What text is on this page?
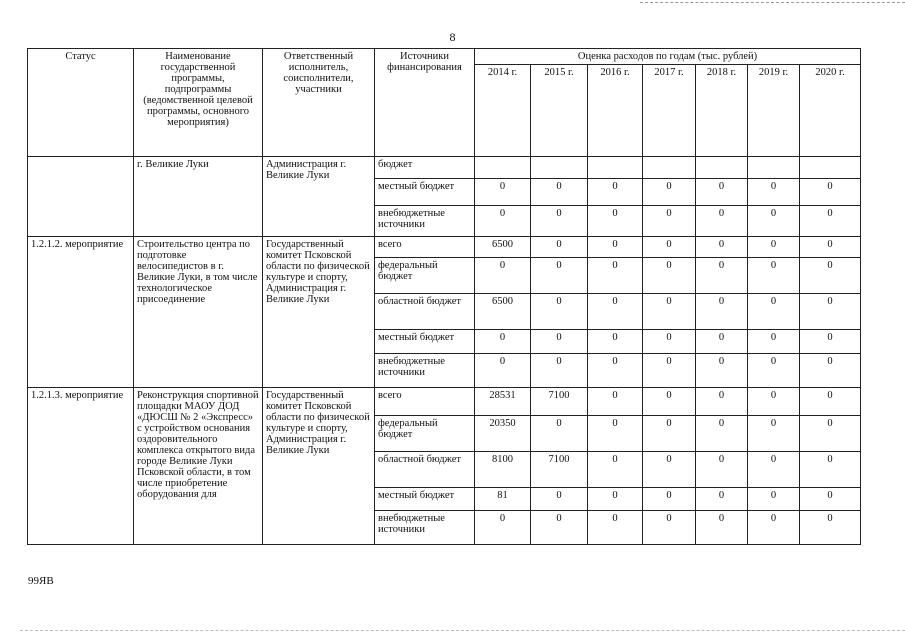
8
Статус	Наименование государственной программы, подпрограммы (ведомственной целевой программы, основного мероприятия)	Ответственный исполнитель, соисполнители, участники	Источники финансирования	Оценка расходов по годам (тыс. рублей)						
				2014 г.	2015 г.	2016 г.	2017 г.	2018 г.	2019 г.	2020 г.
	г. Великие Луки	Администрация г. Великие Луки	бюджет							
			местный бюджет	0	0	0	0	0	0	0
			внебюджетные источники	0	0	0	0	0	0	0
1.2.1.2. мероприятие	Строительство центра по подготовке велосипедистов в г. Великие Луки, в том числе технологическое присоединение	Государственный комитет Псковской области по физической культуре и спорту, Администрация г. Великие Луки	всего	6500	0	0	0	0	0	0
			федеральный бюджет	0	0	0	0	0	0	0
			областной бюджет	6500	0	0	0	0	0	0
			местный бюджет	0	0	0	0	0	0	0
			внебюджетные источники	0	0	0	0	0	0	0
1.2.1.3. мероприятие	Реконструкция спортивной площадки МАОУ ДОД «ДЮСШ № 2 «Экспресс» с устройством основания оздоровительного комплекса открытого вида городе Великие Луки Псковской области, в том числе приобретение оборудования для	Государственный комитет Псковской области по физической культуре и спорту, Администрация г. Великие Луки	всего	28531	7100	0	0	0	0	0
			федеральный бюджет	20350	0	0	0	0	0	0
			областной бюджет	8100	7100	0	0	0	0	0
			местный бюджет	81	0	0	0	0	0	0
			внебюджетные источники	0	0	0	0	0	0	0
99ЯВ
